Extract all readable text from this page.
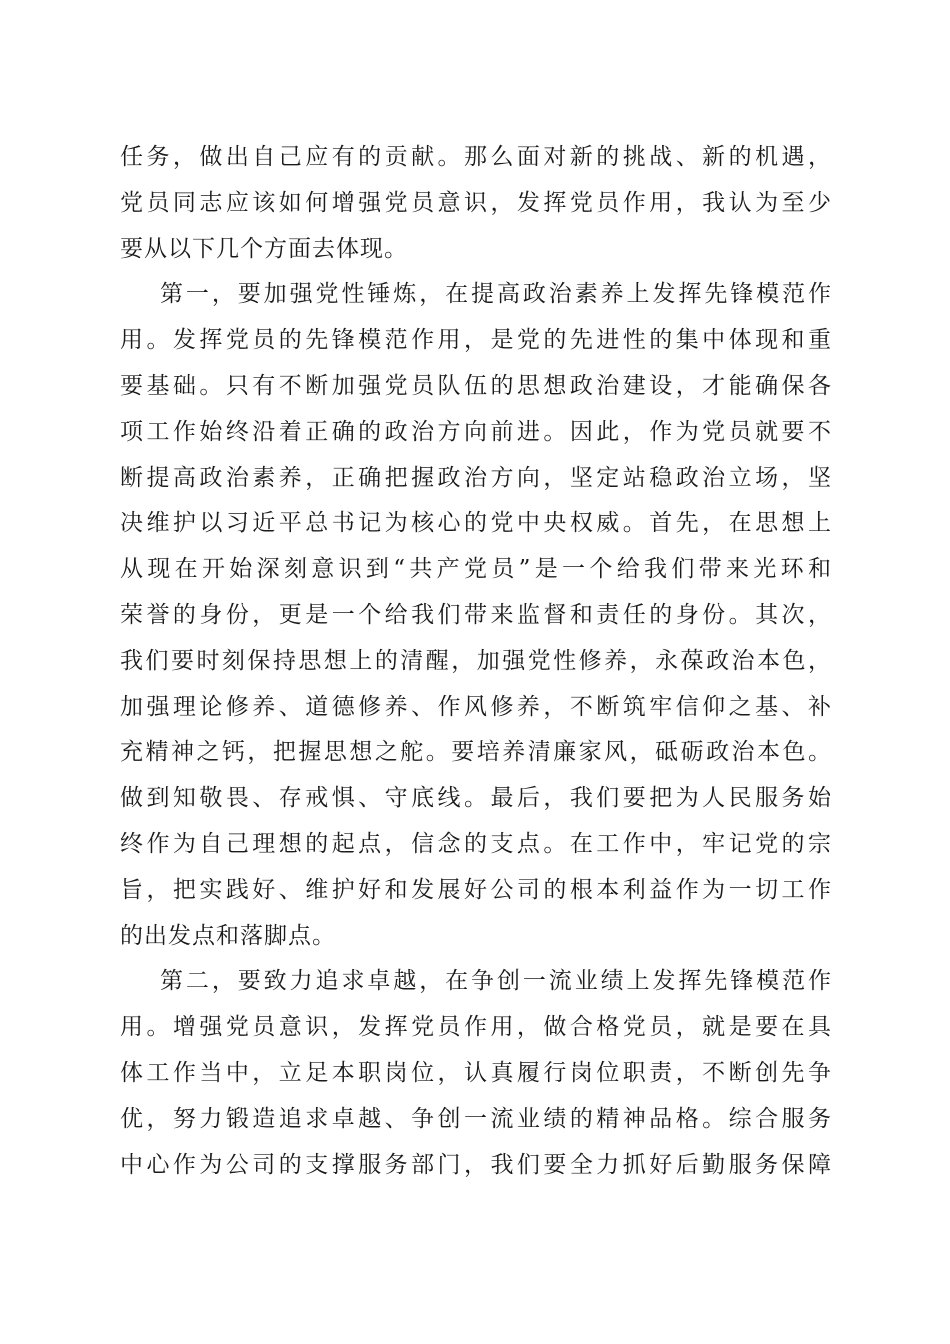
任务，做出自己应有的贡献。那么面对新的挑战、新的机遇，
党员同志应该如何增强党员意识，发挥党员作用，我认为至少
要从以下几个方面去体现。
第一，要加强党性锤炼，在提高政治素养上发挥先锋模范作
用。发挥党员的先锋模范作用，是党的先进性的集中体现和重
要基础。只有不断加强党员队伍的思想政治建设，才能确保各
项工作始终沿着正确的政治方向前进。因此，作为党员就要不
断提高政治素养，正确把握政治方向，坚定站稳政治立场，坚
决维护以习近平总书记为核心的党中央权威。首先，在思想上
从现在开始深刻意识到“共产党员”是一个给我们带来光环和
荣誉的身份，更是一个给我们带来监督和责任的身份。其次，
我们要时刻保持思想上的清醒，加强党性修养，永葆政治本色，
加强理论修养、道德修养、作风修养，不断筑牢信仰之基、补
充精神之钙，把握思想之舵。要培养清廉家风，砥砺政治本色。
做到知敬畏、存戒惧、守底线。最后，我们要把为人民服务始
终作为自己理想的起点，信念的支点。在工作中，牢记党的宗
旨，把实践好、维护好和发展好公司的根本利益作为一切工作
的出发点和落脚点。
第二，要致力追求卓越，在争创一流业绩上发挥先锋模范作
用。增强党员意识，发挥党员作用，做合格党员，就是要在具
体工作当中，立足本职岗位，认真履行岗位职责，不断创先争
优，努力锻造追求卓越、争创一流业绩的精神品格。综合服务
中心作为公司的支撑服务部门，我们要全力抓好后勤服务保障
